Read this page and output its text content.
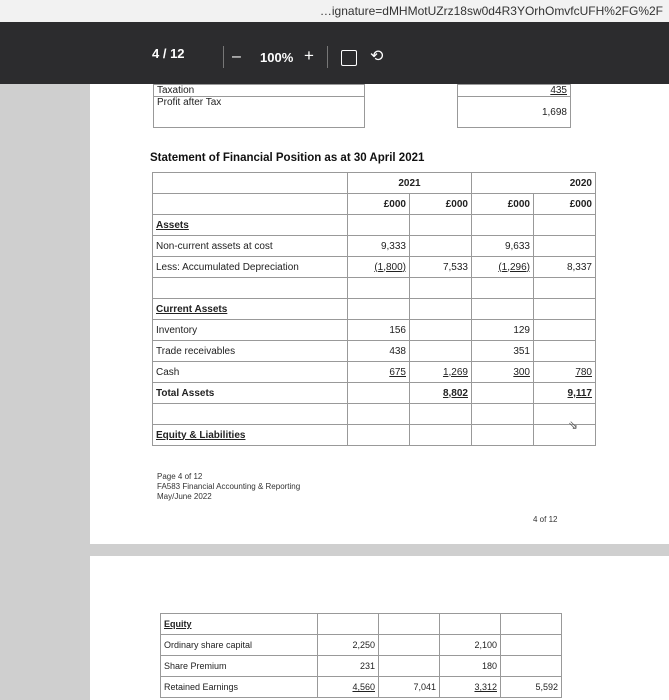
…ignature=dMHMotUZrz18sw0d4R3YOrhOmvfcUFH%2FG%2F
4 / 12	– 100% +	⟲
Taxation		435
Profit after Tax		1,698
Statement of Financial Position as at 30 April 2021
	2021		2020	
	£000	£000	£000	£000
Assets				
Non-current assets at cost	9,333		9,633	
Less: Accumulated Depreciation	(1,800)	7,533	(1,296)	8,337

Current Assets				
Inventory	156		129	
Trade receivables	438		351	
Cash	675	1,269	300	780
Total Assets		8,802		9,117

Equity & Liabilities				
Page 4 of 12
FA583 Financial Accounting & Reporting
May/June 2022
4 of 12
⇘
Equity				
Ordinary share capital	2,250		2,100	
Share Premium	231		180	
Retained Earnings	4,560	7,041	3,312	5,592
